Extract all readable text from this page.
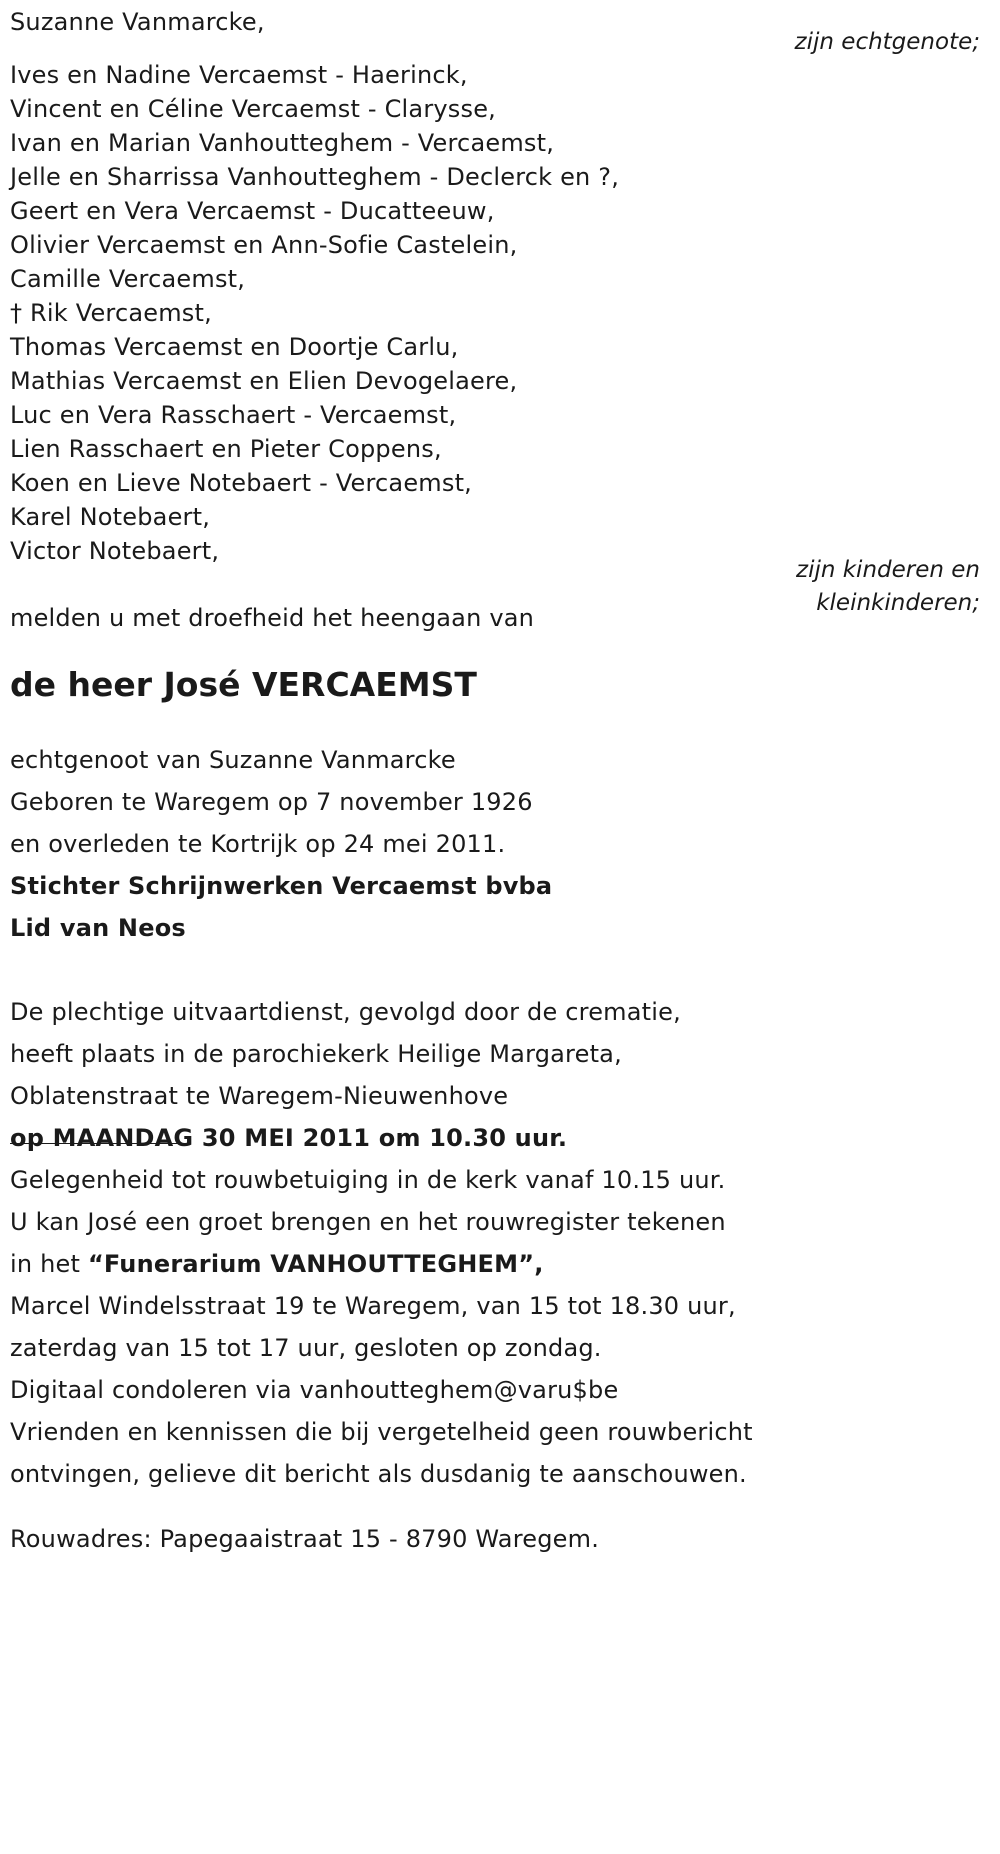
Suzanne Vanmarcke,
zijn echtgenote;
Ives en Nadine Vercaemst - Haerinck,
Vincent en Céline Vercaemst - Clarysse,
Ivan en Marian Vanhoutteghem - Vercaemst,
Jelle en Sharrissa Vanhoutteghem - Declerck en ?,
Geert en Vera Vercaemst - Ducatteeuw,
Olivier Vercaemst en Ann-Sofie Castelein,
Camille Vercaemst,
† Rik Vercaemst,
Thomas Vercaemst en Doortje Carlu,
Mathias Vercaemst en Elien Devogelaere,
Luc en Vera Rasschaert - Vercaemst,
Lien Rasschaert en Pieter Coppens,
Koen en Lieve Notebaert - Vercaemst,
Karel Notebaert,
Victor Notebaert,
zijn kinderen en
kleinkinderen;
melden u met droefheid het heengaan van
de heer José VERCAEMST
echtgenoot van Suzanne Vanmarcke
Geboren te Waregem op 7 november 1926
en overleden te Kortrijk op 24 mei 2011.
Stichter Schrijnwerken Vercaemst bvba
Lid van Neos
De plechtige uitvaartdienst, gevolgd door de crematie,
heeft plaats in de parochiekerk Heilige Margareta,
Oblatenstraat te Waregem-Nieuwenhove
op MAANDAG 30 MEI 2011 om 10.30 uur.
Gelegenheid tot rouwbetuiging in de kerk vanaf 10.15 uur.
U kan José een groet brengen en het rouwregister tekenen
in het “Funerarium VANHOUTTEGHEM”,
Marcel Windelsstraat 19 te Waregem, van 15 tot 18.30 uur,
zaterdag van 15 tot 17 uur, gesloten op zondag.
Digitaal condoleren via vanhoutteghem@varu$be
Vrienden en kennissen die bij vergetelheid geen rouwbericht
ontvingen, gelieve dit bericht als dusdanig te aanschouwen.
Rouwadres: Papegaaistraat 15 - 8790 Waregem.
